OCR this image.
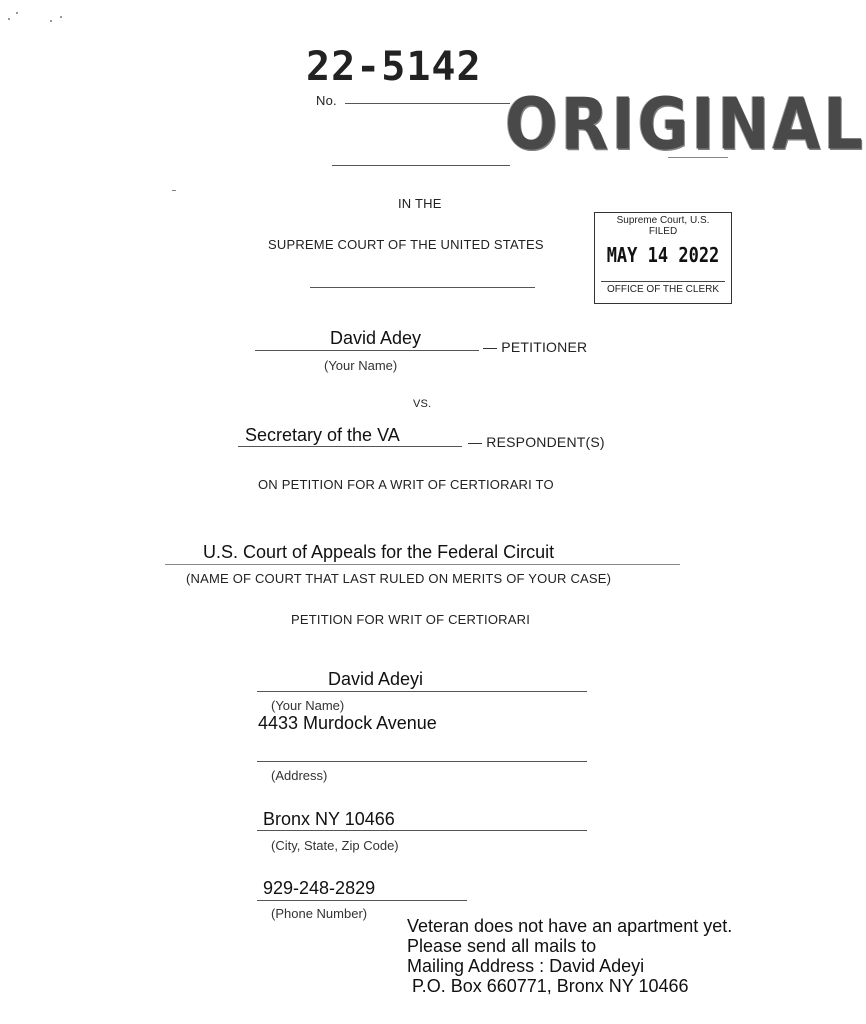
22-5142
No.	ORIGINAL
IN THE
SUPREME COURT OF THE UNITED STATES
Supreme Court, U.S.
FILED
MAY 14 2022
OFFICE OF THE CLERK
David Adey	— PETITIONER
(Your Name)
VS.
Secretary of the VA	— RESPONDENT(S)
ON PETITION FOR A WRIT OF CERTIORARI TO
U.S. Court of Appeals for the Federal Circuit
(NAME OF COURT THAT LAST RULED ON MERITS OF YOUR CASE)
PETITION FOR WRIT OF CERTIORARI
David Adeyi
(Your Name)
4433 Murdock Avenue
(Address)
Bronx NY 10466
(City, State, Zip Code)
929-248-2829
(Phone Number)
Veteran does not have an apartment yet.
Please send all mails to
Mailing Address : David Adeyi
P.O. Box 660771, Bronx NY 10466
